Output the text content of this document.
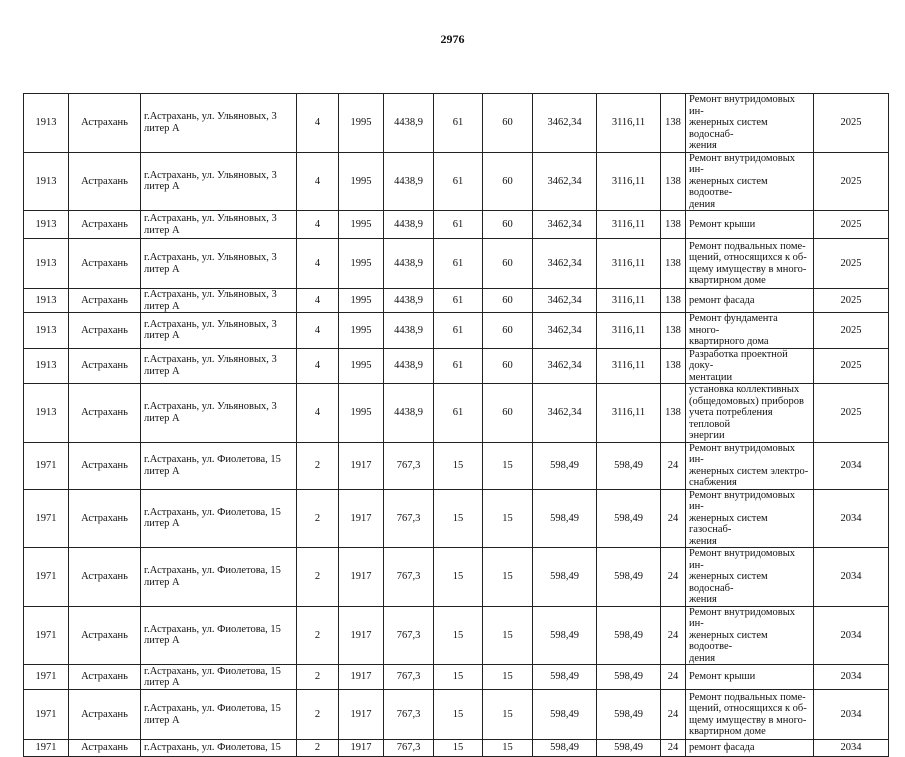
2976
1913	Астрахань	г.Астрахань, ул. Ульяновых, 3
литер А	4	1995	4438,9	61	60	3462,34	3116,11	138	Ремонт внутридомовых ин-
женерных систем водоснаб-
жения	2025
1913	Астрахань	г.Астрахань, ул. Ульяновых, 3
литер А	4	1995	4438,9	61	60	3462,34	3116,11	138	Ремонт внутридомовых ин-
женерных систем водоотве-
дения	2025
1913	Астрахань	г.Астрахань, ул. Ульяновых, 3
литер А	4	1995	4438,9	61	60	3462,34	3116,11	138	Ремонт крыши	2025
1913	Астрахань	г.Астрахань, ул. Ульяновых, 3
литер А	4	1995	4438,9	61	60	3462,34	3116,11	138	Ремонт подвальных поме-
щений, относящихся к об-
щему имуществу в много-
квартирном доме	2025
1913	Астрахань	г.Астрахань, ул. Ульяновых, 3
литер А	4	1995	4438,9	61	60	3462,34	3116,11	138	ремонт фасада	2025
1913	Астрахань	г.Астрахань, ул. Ульяновых, 3
литер А	4	1995	4438,9	61	60	3462,34	3116,11	138	Ремонт фундамента много-
квартирного дома	2025
1913	Астрахань	г.Астрахань, ул. Ульяновых, 3
литер А	4	1995	4438,9	61	60	3462,34	3116,11	138	Разработка проектной доку-
ментации	2025
1913	Астрахань	г.Астрахань, ул. Ульяновых, 3
литер А	4	1995	4438,9	61	60	3462,34	3116,11	138	установка коллективных
(общедомовых) приборов
учета потребления тепловой
энергии	2025
1971	Астрахань	г.Астрахань, ул. Фиолетова, 15
литер А	2	1917	767,3	15	15	598,49	598,49	24	Ремонт внутридомовых ин-
женерных систем электро-
снабжения	2034
1971	Астрахань	г.Астрахань, ул. Фиолетова, 15
литер А	2	1917	767,3	15	15	598,49	598,49	24	Ремонт внутридомовых ин-
женерных систем газоснаб-
жения	2034
1971	Астрахань	г.Астрахань, ул. Фиолетова, 15
литер А	2	1917	767,3	15	15	598,49	598,49	24	Ремонт внутридомовых ин-
женерных систем водоснаб-
жения	2034
1971	Астрахань	г.Астрахань, ул. Фиолетова, 15
литер А	2	1917	767,3	15	15	598,49	598,49	24	Ремонт внутридомовых ин-
женерных систем водоотве-
дения	2034
1971	Астрахань	г.Астрахань, ул. Фиолетова, 15
литер А	2	1917	767,3	15	15	598,49	598,49	24	Ремонт крыши	2034
1971	Астрахань	г.Астрахань, ул. Фиолетова, 15
литер А	2	1917	767,3	15	15	598,49	598,49	24	Ремонт подвальных поме-
щений, относящихся к об-
щему имуществу в много-
квартирном доме	2034
1971	Астрахань	г.Астрахань, ул. Фиолетова, 15	2	1917	767,3	15	15	598,49	598,49	24	ремонт фасада	2034
